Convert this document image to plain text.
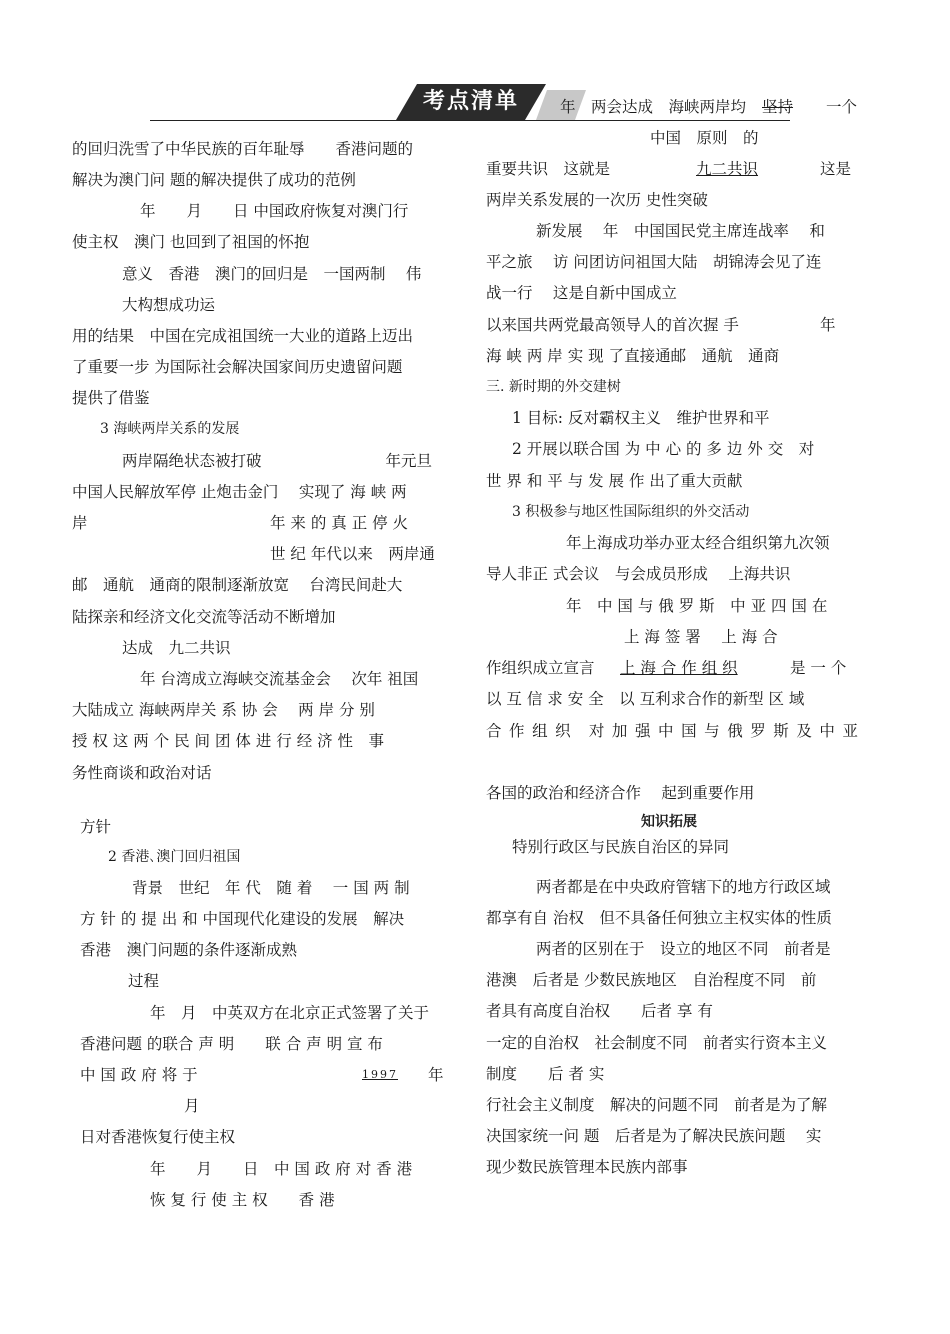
考点清单

的回归洗雪了中华民族的百年耻辱　　香港问题的

解决为澳门问 题的解决提供了成功的范例

年　　月　　日 中国政府恢复对澳门行

使主权　澳门 也回到了祖国的怀抱

意义　香港　澳门的回归是　一国两制　 伟

大构想成功运

用的结果　中国在完成祖国统一大业的道路上迈出

了重要一步 为国际社会解决国家间历史遗留问题

提供了借鉴

3 海峡两岸关系的发展

两岸隔绝状态被打破　　　　　　　　年元旦

中国人民解放军停 止炮击金门　 实现了 海 峡 两

岸	年 来 的 真 正 停 火

世 纪 年代以来　两岸通

邮　通航　通商的限制逐渐放宽　 台湾民间赴大

陆探亲和经济文化交流等活动不断增加

达成　九二共识

年 台湾成立海峡交流基金会　 次年 祖国

大陆成立 海峡两岸关 系 协 会　 两 岸 分 别

授 权 这 两 个 民 间 团 体 进 行 经 济 性　事

务性商谈和政治对话

方针

2 香港､澳门回归祖国

背景　世纪　年 代　随 着　 一 国 两 制

方 针 的 提 出 和 中国现代化建设的发展　解决

香港　澳门问题的条件逐渐成熟

过程

年　月　中英双方在北京正式签署了关于

香港问题 的联合 声 明　　联 合 声 明 宣 布

中 国 政 府 将 于	1997 年

月

日对香港恢复行使主权

年　　月　　日　中 国 政 府 对 香 港

恢 复 行 使 主 权　　香 港

年　两会达成　海峡两岸均 坚持 一个

中国　原则　的

重要共识　这就是	九二共识	这是

两岸关系发展的一次历 史性突破

新发展　 年　中国国民党主席连战率　 和

平之旅　 访 问团访问祖国大陆　胡锦涛会见了连

战一行　 这是自新中国成立

以来国共两党最高领导人的首次握 手	年

海 峡 两 岸 实 现 了直接通邮　通航　通商

三. 新时期的外交建树

1 目标: 反对霸权主义　维护世界和平

2 开展以联合国 为 中 心 的 多 边 外 交　对

世 界 和 平 与 发 展 作 出了重大贡献

3 积极参与地区性国际组织的外交活动

年上海成功举办亚太经合组织第九次领

导人非正 式会议　与会成员形成　 上海共识

年　中 国 与 俄 罗 斯　中 亚 四 国 在

上 海 签 署　 上 海 合

作组织成立宣言 上 海 合 作 组 织	是 一 个

以 互 信 求 安 全　以 互利求合作的新型 区 域

合 作 组 织　对 加 强 中 国 与 俄 罗 斯 及 中 亚

各国的政治和经济合作　 起到重要作用

知识拓展

特别行政区与民族自治区的异同

两者都是在中央政府管辖下的地方行政区域

都享有自 治权　但不具备任何独立主权实体的性质

两者的区别在于　设立的地区不同　前者是

港澳　后者是 少数民族地区　自治程度不同　前

者具有高度自治权　　后者 享 有

一定的自治权　社会制度不同　前者实行资本主义

制度　　后 者 实

行社会主义制度　解决的问题不同　前者是为了解

决国家统一问 题　后者是为了解决民族问题　 实

现少数民族管理本民族内部事
